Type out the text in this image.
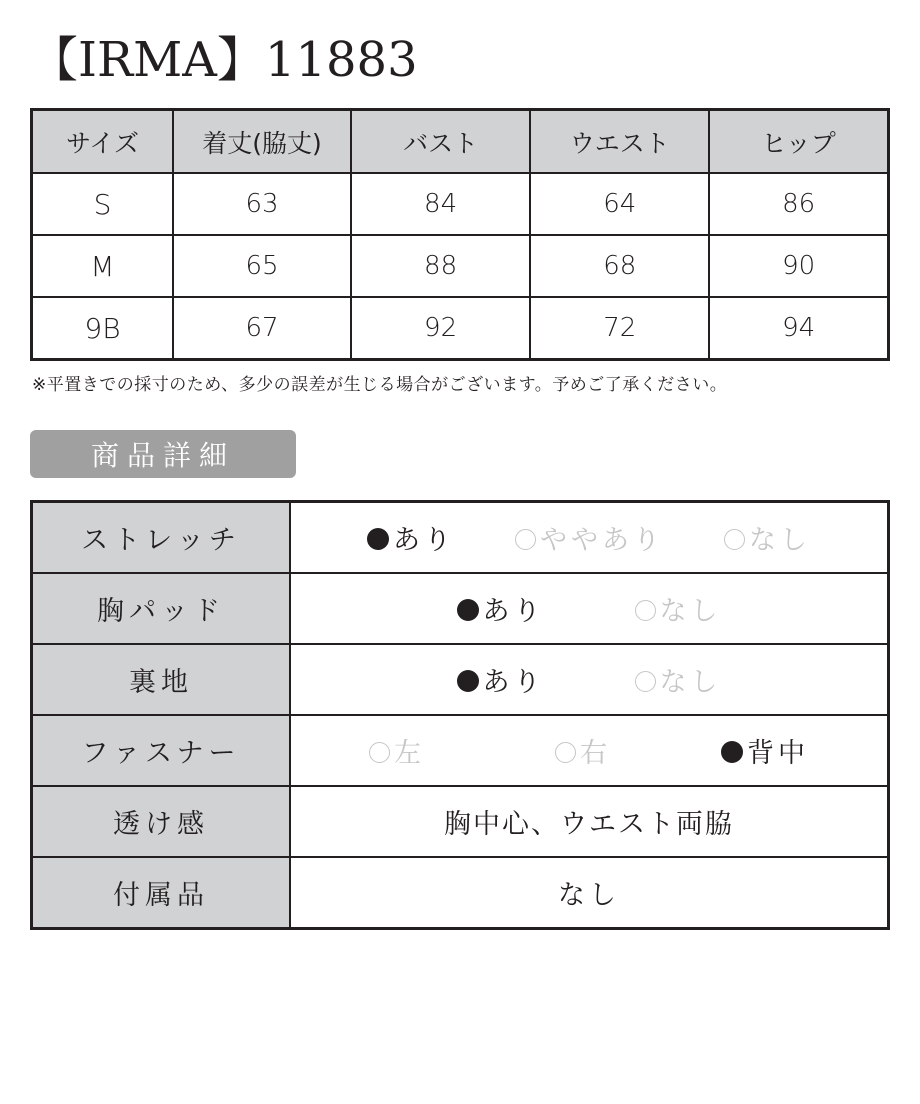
【IRMA】11883
サイズ	着丈(脇丈)	バスト	ウエスト	ヒップ
S	63	84	64	86
M	65	88	68	90
9B	67	92	72	94
※平置きでの採寸のため、多少の誤差が生じる場合がございます。予めご了承ください。
商品詳細
ストレッチ	あり ややあり なし

胸パッド	あり なし

裏地	あり なし

ファスナー	左 右 背中

透け感	胸中心、ウエスト両脇
付属品	なし
